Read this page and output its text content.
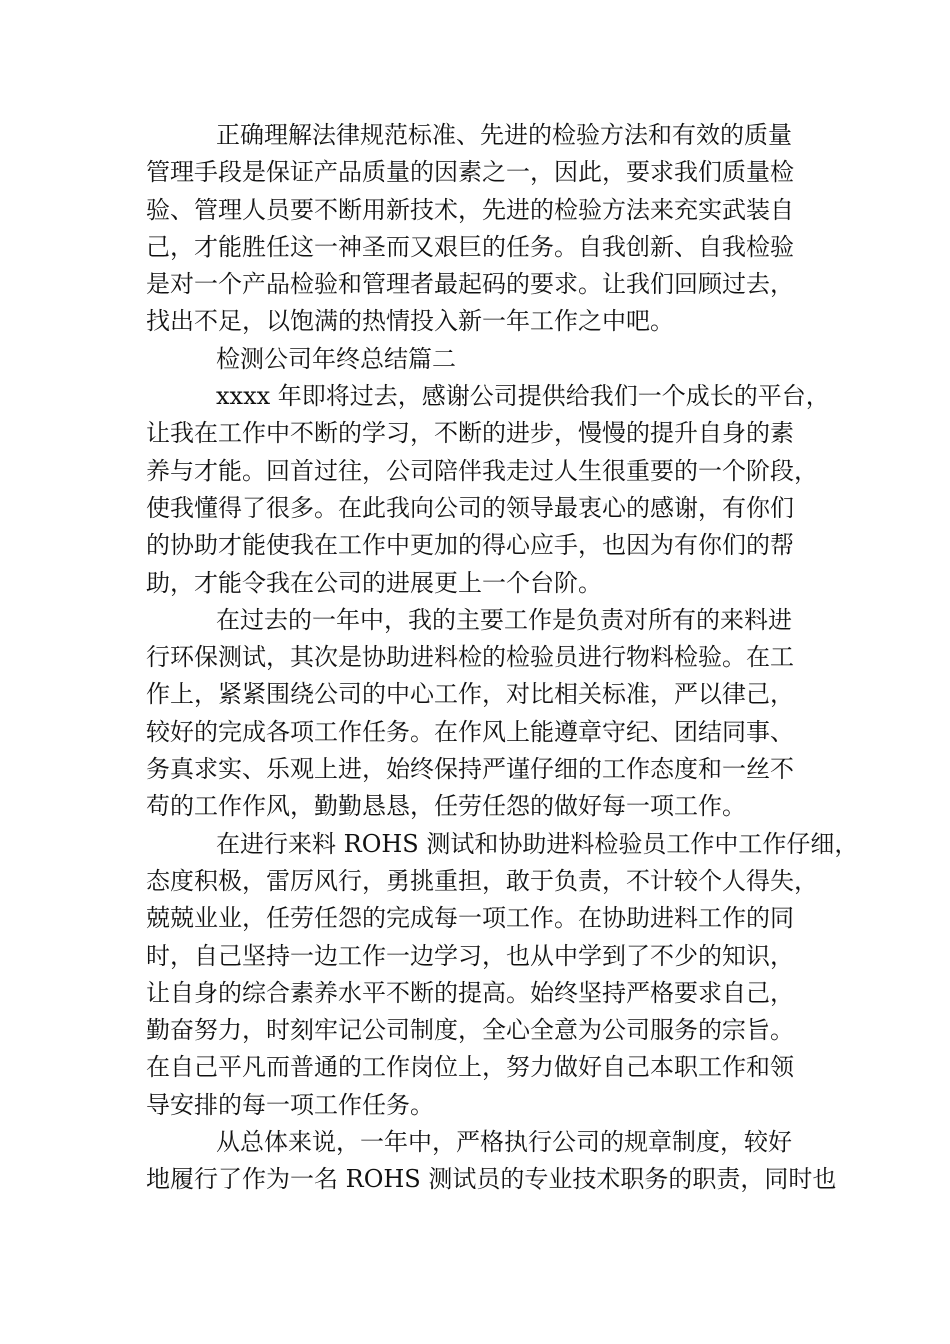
正确理解法律规范标准、先进的检验方法和有效的质量
管理手段是保证产品质量的因素之一，因此，要求我们质量检
验、管理人员要不断用新技术，先进的检验方法来充实武装自
己，才能胜任这一神圣而又艰巨的任务。自我创新、自我检验
是对一个产品检验和管理者最起码的要求。让我们回顾过去，
找出不足，以饱满的热情投入新一年工作之中吧。
检测公司年终总结篇二
xxxx 年即将过去，感谢公司提供给我们一个成长的平台，
让我在工作中不断的学习，不断的进步，慢慢的提升自身的素
养与才能。回首过往，公司陪伴我走过人生很重要的一个阶段，
使我懂得了很多。在此我向公司的领导最衷心的感谢，有你们
的协助才能使我在工作中更加的得心应手，也因为有你们的帮
助，才能令我在公司的进展更上一个台阶。
在过去的一年中，我的主要工作是负责对所有的来料进
行环保测试，其次是协助进料检的检验员进行物料检验。在工
作上，紧紧围绕公司的中心工作，对比相关标准，严以律己，
较好的完成各项工作任务。在作风上能遵章守纪、团结同事、
务真求实、乐观上进，始终保持严谨仔细的工作态度和一丝不
苟的工作作风，勤勤恳恳，任劳任怨的做好每一项工作。
在进行来料 ROHS 测试和协助进料检验员工作中工作仔细，
态度积极，雷厉风行，勇挑重担，敢于负责，不计较个人得失，
兢兢业业，任劳任怨的完成每一项工作。在协助进料工作的同
时，自己坚持一边工作一边学习，也从中学到了不少的知识，
让自身的综合素养水平不断的提高。始终坚持严格要求自己，
勤奋努力，时刻牢记公司制度，全心全意为公司服务的宗旨。
在自己平凡而普通的工作岗位上，努力做好自己本职工作和领
导安排的每一项工作任务。
从总体来说，一年中，严格执行公司的规章制度，较好
地履行了作为一名 ROHS 测试员的专业技术职务的职责，同时也
